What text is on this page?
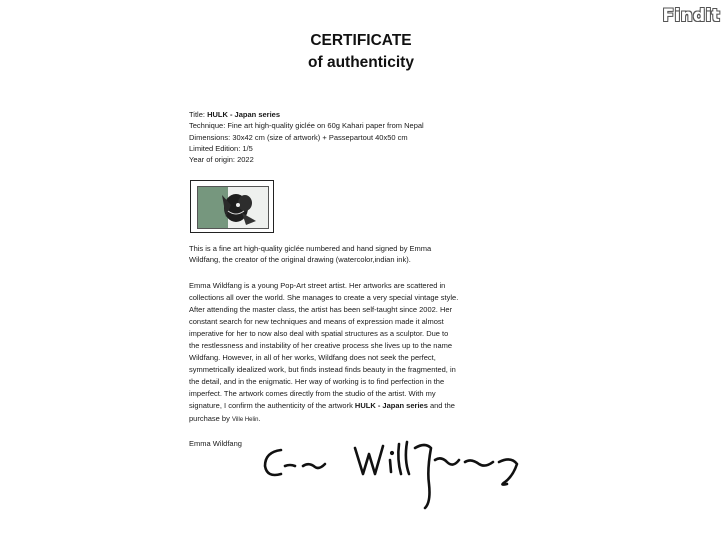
CERTIFICATE
of authenticity
Title: HULK - Japan series
Technique: Fine art high-quality giclée on 60g Kahari paper from Nepal
Dimensions: 30x42 cm (size of artwork) + Passepartout 40x50 cm
Limited Edition: 1/5
Year of origin: 2022
This is a fine art high-quality giclée numbered and hand signed by Emma
Wildfang, the creator of the original drawing (watercolor,indian ink).
Emma Wildfang is a young Pop-Art street artist. Her artworks are scattered in
collections all over the world. She manages to create a very special vintage style.
After attending the master class, the artist has been self-taught since 2002. Her
constant search for new techniques and means of expression made it almost
imperative for her to now also deal with spatial structures as a sculptor. Due to
the restlessness and instability of her creative process she lives up to the name
Wildfang. However, in all of her works, Wildfang does not seek the perfect,
symmetrically idealized work, but finds instead finds beauty in the fragmented, in
the detail, and in the enigmatic. Her way of working is to find perfection in the
imperfect. The artwork comes directly from the studio of the artist. With my
signature, I confirm the authenticity of the artwork HULK - Japan series and the
purchase by Ville Helin.
Emma Wildfang
Findit
